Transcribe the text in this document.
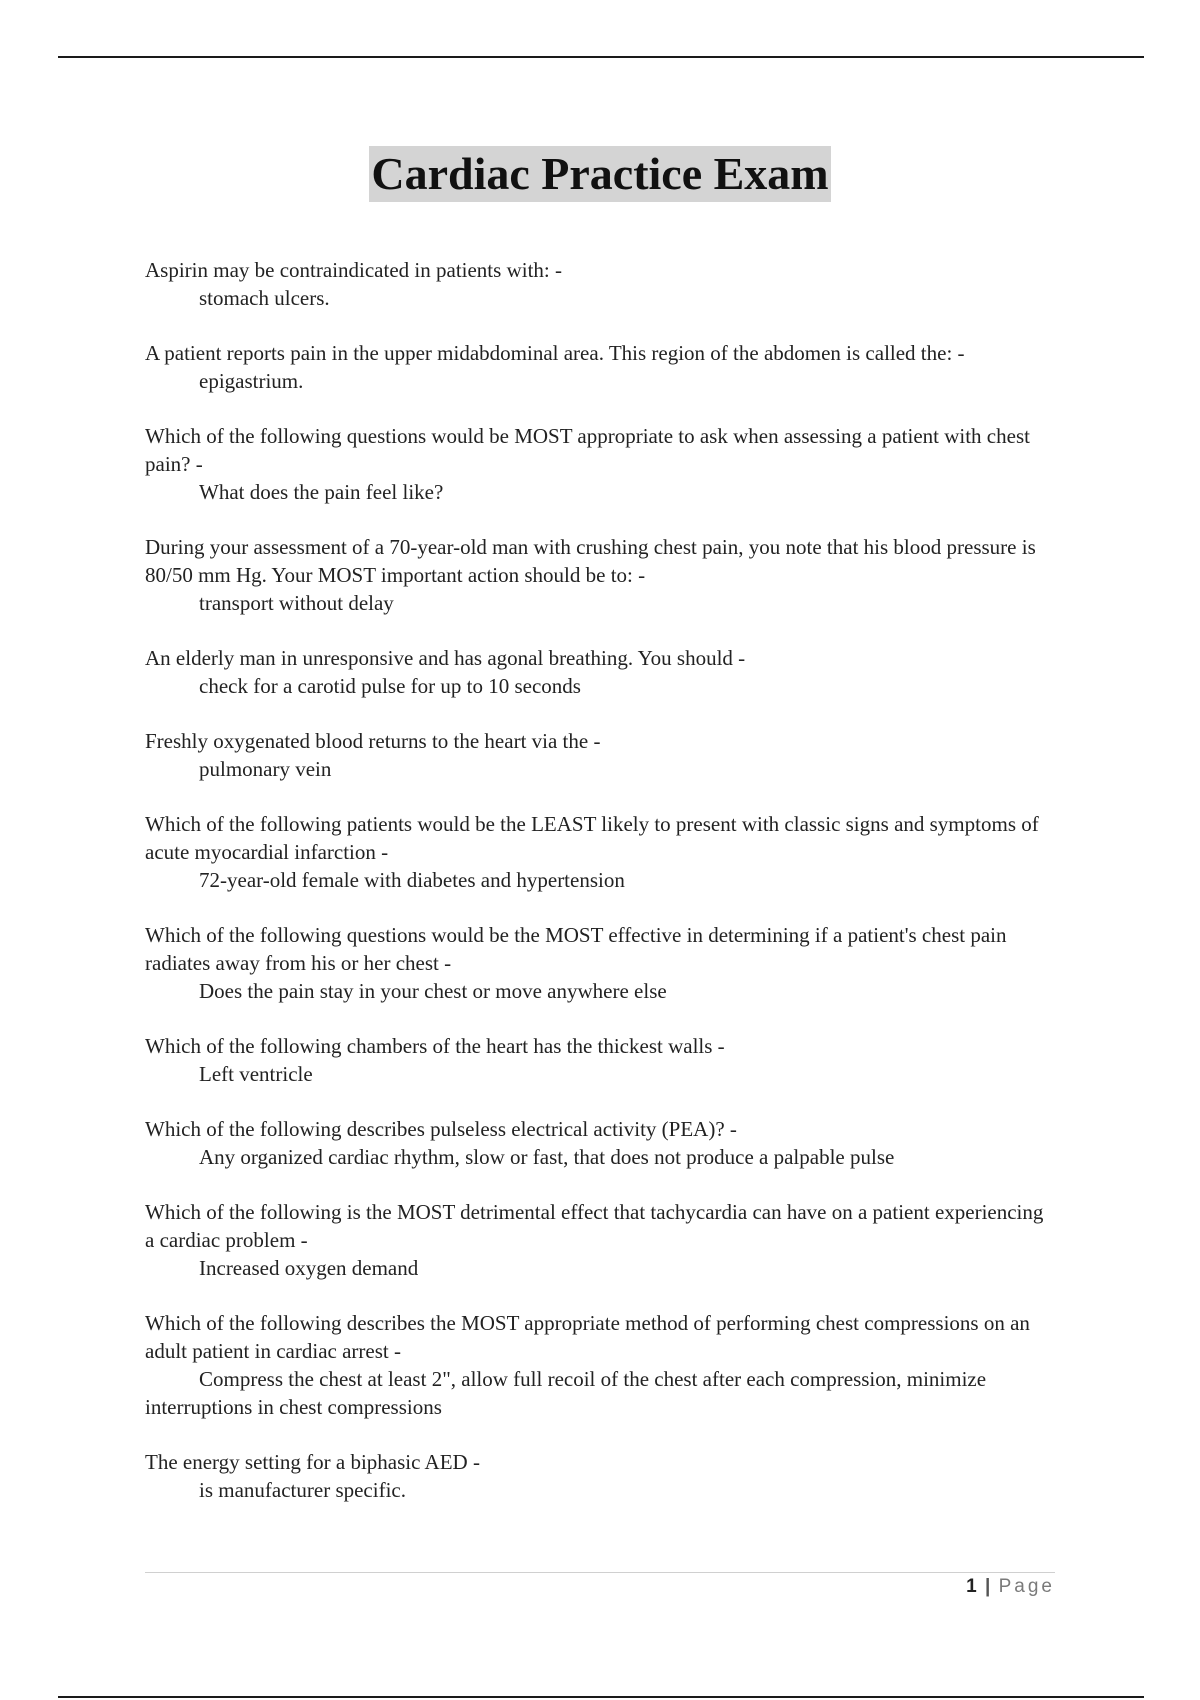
Cardiac Practice Exam

Aspirin may be contraindicated in patients with: -

stomach ulcers.

A patient reports pain in the upper midabdominal area. This region of the abdomen is called the: -

epigastrium.

Which of the following questions would be MOST appropriate to ask when assessing a patient with chest pain? -

What does the pain feel like?

During your assessment of a 70-year-old man with crushing chest pain, you note that his blood pressure is 80/50 mm Hg. Your MOST important action should be to: -

transport without delay

An elderly man in unresponsive and has agonal breathing. You should -

check for a carotid pulse for up to 10 seconds

Freshly oxygenated blood returns to the heart via the -

pulmonary vein

Which of the following patients would be the LEAST likely to present with classic signs and symptoms of acute myocardial infarction -

72-year-old female with diabetes and hypertension

Which of the following questions would be the MOST effective in determining if a patient's chest pain radiates away from his or her chest -

Does the pain stay in your chest or move anywhere else

Which of the following chambers of the heart has the thickest walls -

Left ventricle

Which of the following describes pulseless electrical activity (PEA)? -

Any organized cardiac rhythm, slow or fast, that does not produce a palpable pulse

Which of the following is the MOST detrimental effect that tachycardia can have on a patient experiencing a cardiac problem -

Increased oxygen demand

Which of the following describes the MOST appropriate method of performing chest compressions on an adult patient in cardiac arrest -

Compress the chest at least 2", allow full recoil of the chest after each compression, minimize interruptions in chest compressions

The energy setting for a biphasic AED -

is manufacturer specific.

1 | Page
